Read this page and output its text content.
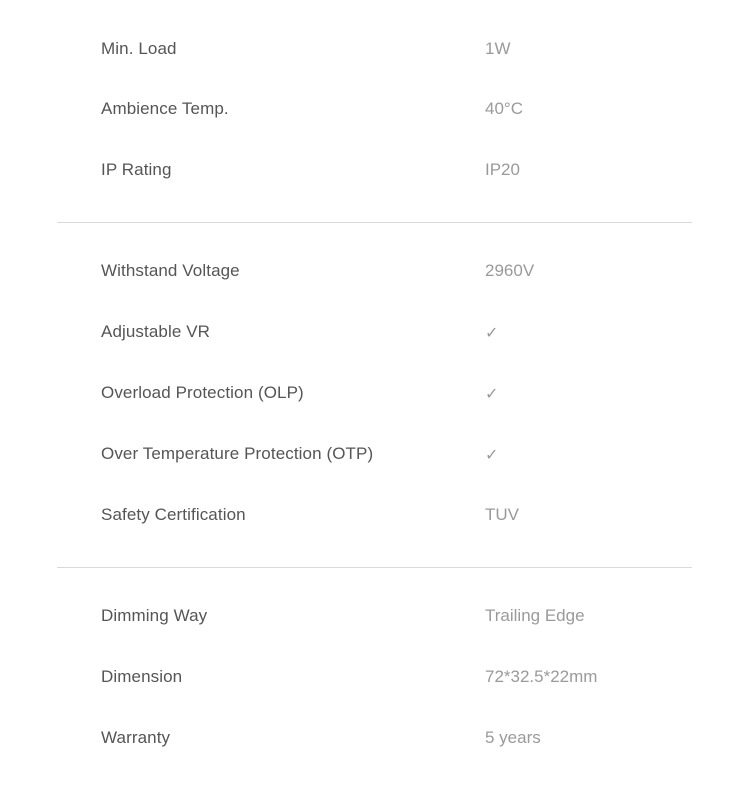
Min. Load	1W
Ambience Temp.	40°C
IP Rating	IP20
Withstand Voltage	2960V
Adjustable VR	✓
Overload Protection (OLP)	✓
Over Temperature Protection (OTP)	✓
Safety Certification	TUV
Dimming Way	Trailing Edge
Dimension	72*32.5*22mm
Warranty	5 years
